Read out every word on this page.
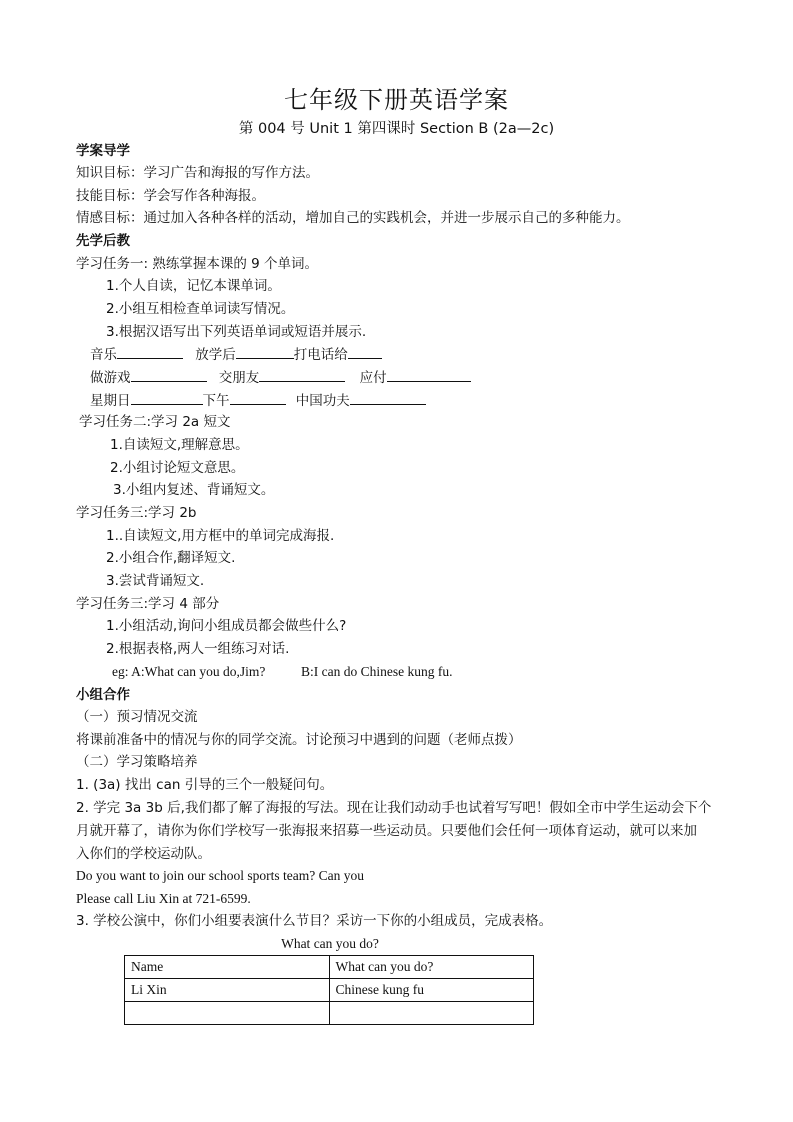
七年级下册英语学案
第 004 号 Unit 1 第四课时 Section B (2a—2c)
学案导学
知识目标：学习广告和海报的写作方法。
技能目标：学会写作各种海报。
情感目标：通过加入各种各样的活动，增加自己的实践机会，并进一步展示自己的多种能力。
先学后教
学习任务一: 熟练掌握本课的 9 个单词。
1.个人自读，记忆本课单词。
2.小组互相检查单词读写情况。
3.根据汉语写出下列英语单词或短语并展示.
音乐	放学后	打电话给
做游戏	交朋友	应付
星期日	下午	中国功夫
学习任务二:学习 2a 短文
1.自读短文,理解意思。
2.小组讨论短文意思。
3.小组内复述、背诵短文。
学习任务三:学习 2b
1..自读短文,用方框中的单词完成海报.
2.小组合作,翻译短文.
3.尝试背诵短文.
学习任务三:学习 4 部分
1.小组活动,询问小组成员都会做些什么?
2.根据表格,两人一组练习对话.
eg: A:What can you do,Jim?	B:I can do Chinese kung fu.
小组合作
（一）预习情况交流
将课前准备中的情况与你的同学交流。讨论预习中遇到的问题（老师点拨）
（二）学习策略培养
1. (3a) 找出 can 引导的三个一般疑问句。
2. 学完 3a 3b 后,我们都了解了海报的写法。现在让我们动动手也试着写写吧！假如全市中学生运动会下个
月就开幕了，请你为你们学校写一张海报来招募一些运动员。只要他们会任何一项体育运动，就可以来加
入你们的学校运动队。
Do you want to join our school sports team? Can you
Please call Liu Xin at 721-6599.
3. 学校公演中，你们小组要表演什么节目？采访一下你的小组成员，完成表格。
What can you do?
Name	What can you do?
Li Xin	Chinese kung fu
